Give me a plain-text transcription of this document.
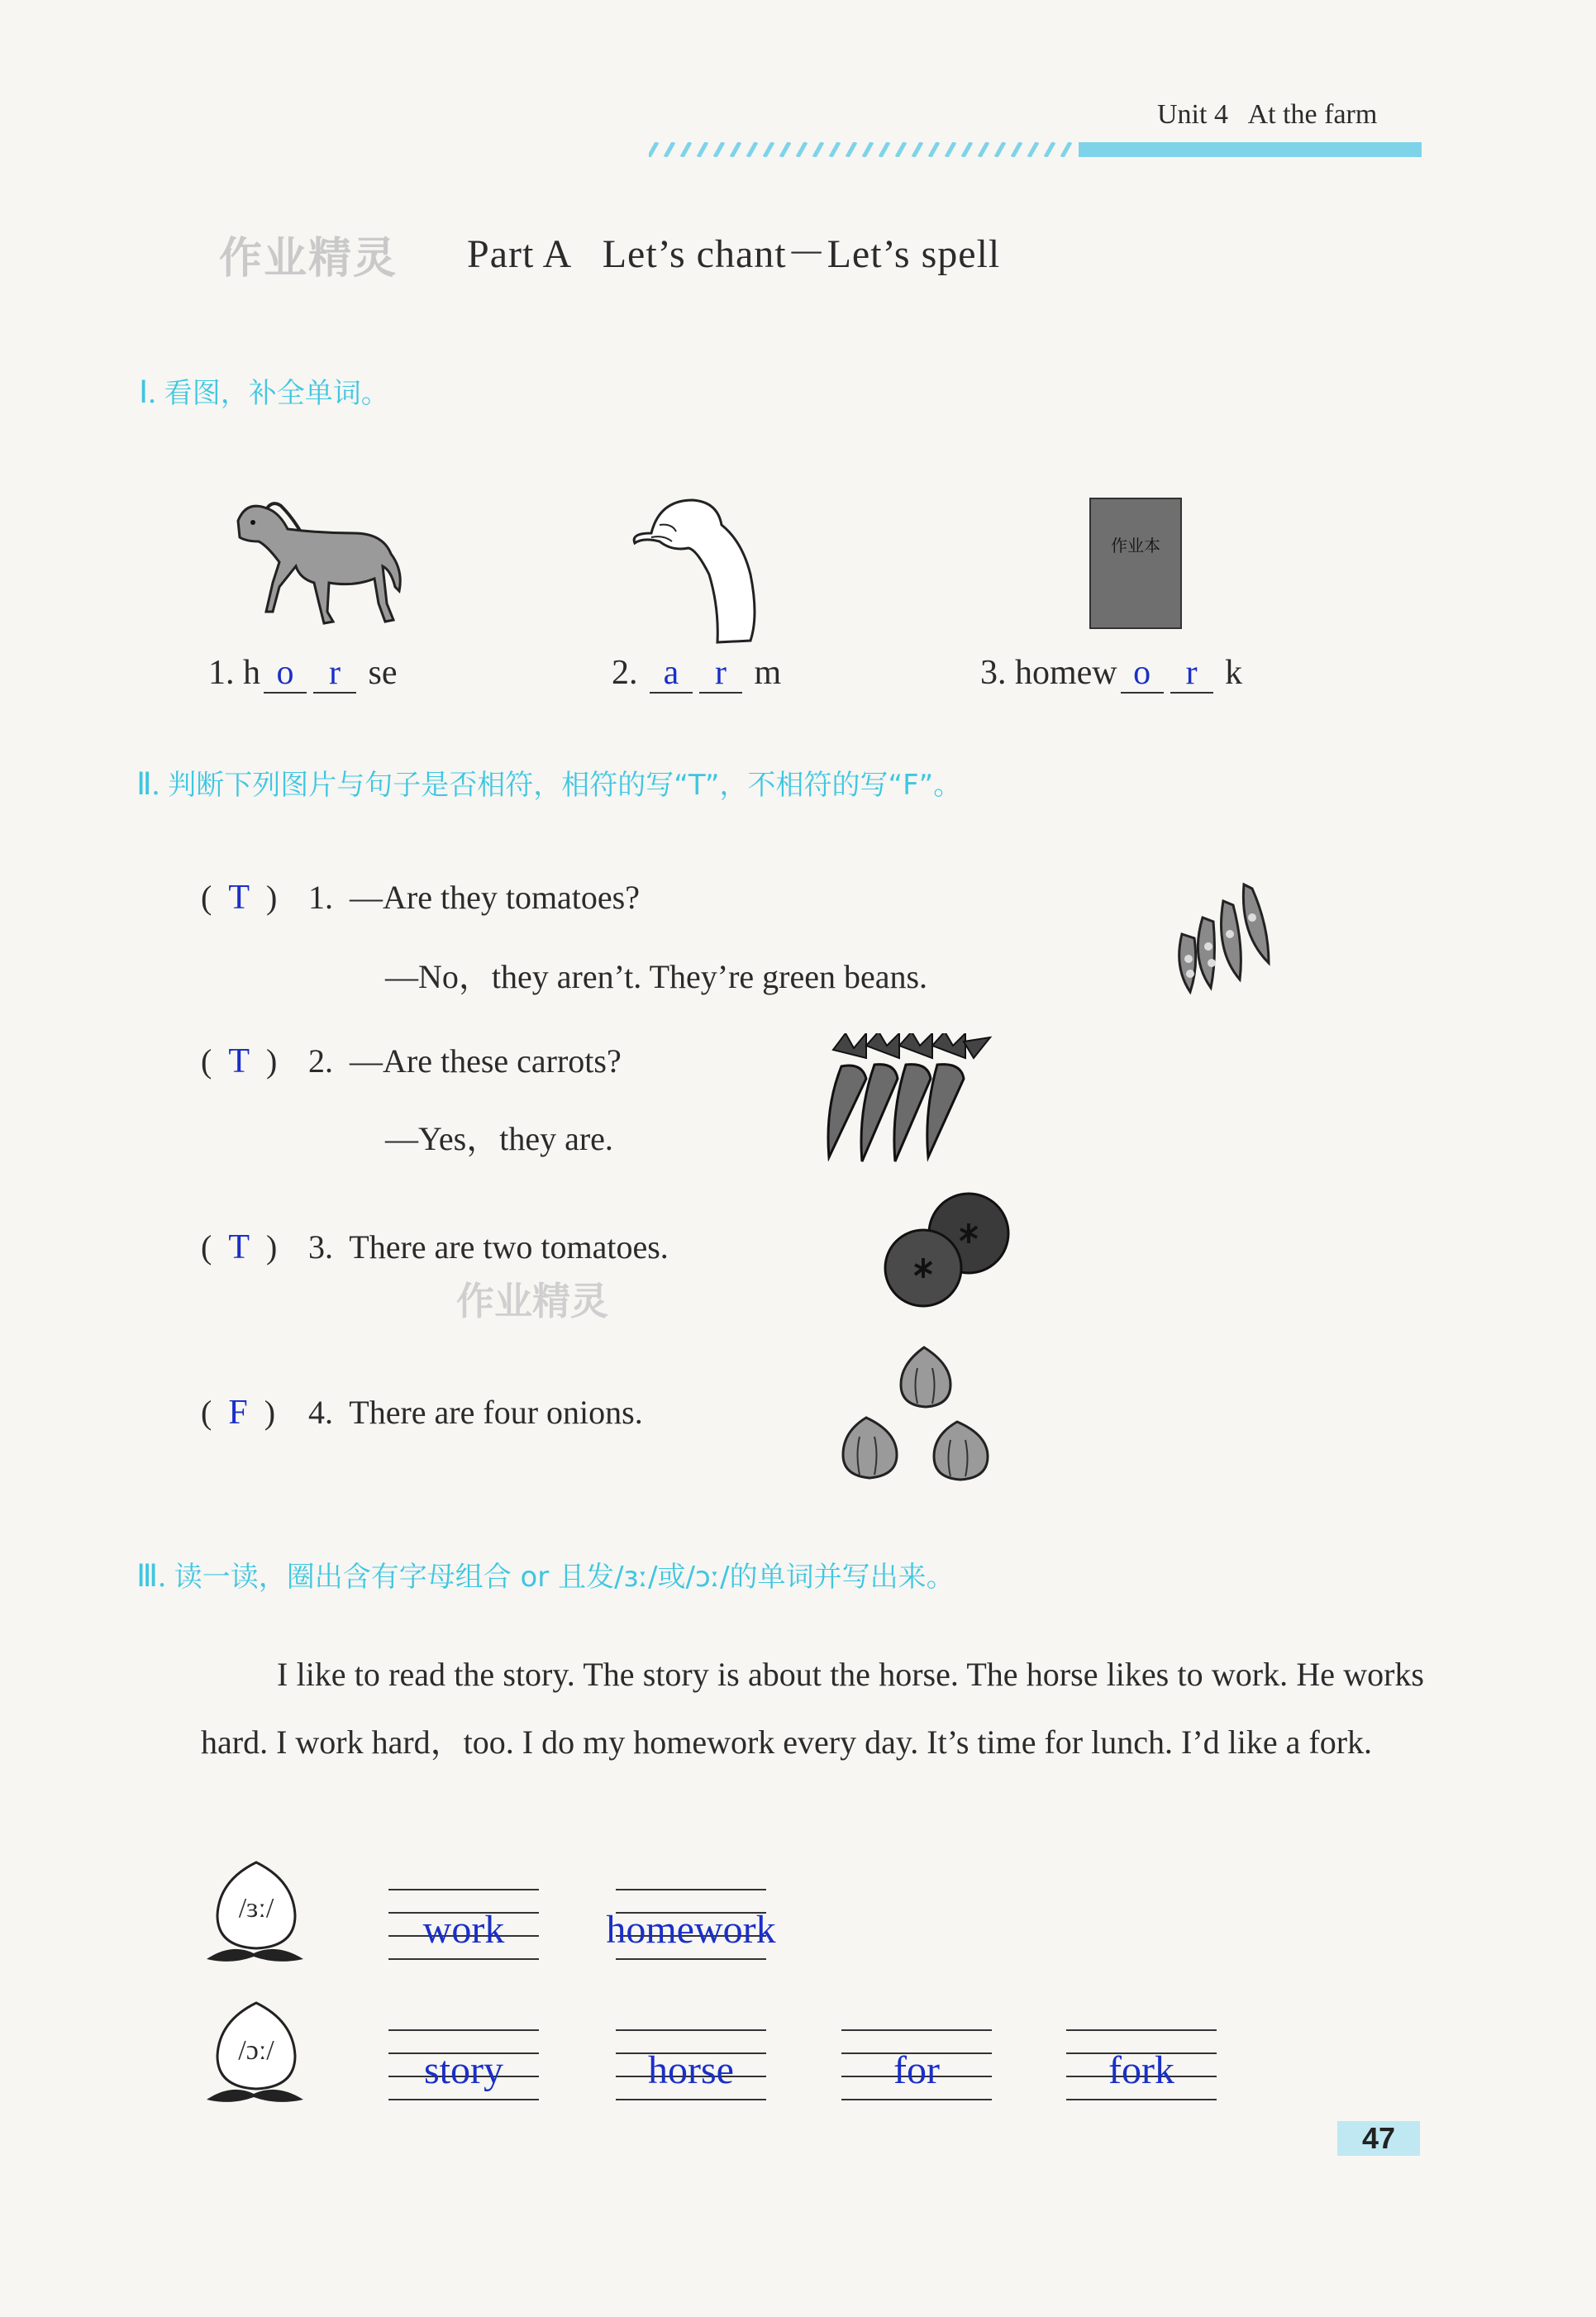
Unit 4 At the farm
作业精灵 Part A   Let’s chant－Let’s spell
Ⅰ. 看图，补全单词。
作业本
1. h o r se	2. a r m	3. homew o r k
Ⅱ. 判断下列图片与句子是否相符，相符的写“T”，不相符的写“F”。
(  T  ) 1. —Are they tomatoes?
—No，they aren’t. They’re green beans.
(  T  ) 2. —Are these carrots?
—Yes，they are.
(  T  ) 3. There are two tomatoes.
作业精灵
(  F  ) 4. There are four onions.
Ⅲ. 读一读，圈出含有字母组合 or 且发/ɜː/或/ɔː/的单词并写出来。
I like to read the story. The story is about the horse. The horse likes to work. He works hard. I work hard，too. I do my homework every day. It’s time for lunch. I’d like a fork.
/ɜː/	work	homework
/ɔː/	story	horse	for	fork
47
